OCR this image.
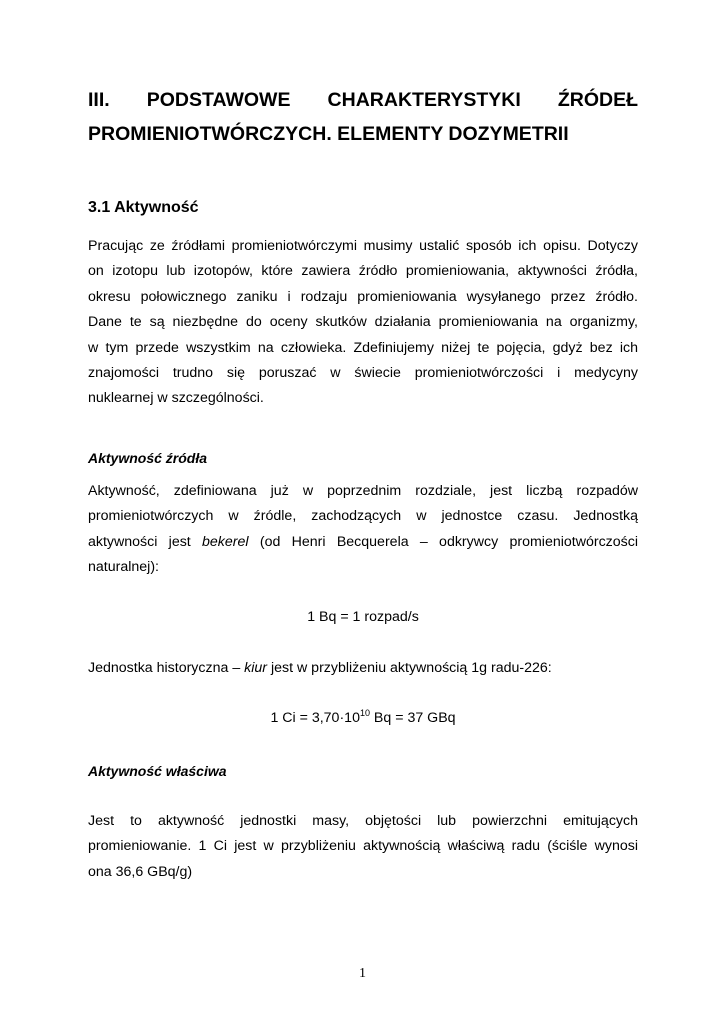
III. PODSTAWOWE CHARAKTERYSTYKI ŹRÓDEŁ
PROMIENIOTWÓRCZYCH. ELEMENTY DOZYMETRII
3.1 Aktywność
Pracując ze źródłami promieniotwórczymi musimy ustalić sposób ich opisu. Dotyczy
on izotopu lub izotopów, które zawiera źródło promieniowania, aktywności źródła,
okresu połowicznego zaniku i rodzaju promieniowania wysyłanego przez źródło.
Dane te są niezbędne do oceny skutków działania promieniowania na organizmy,
w tym przede wszystkim na człowieka. Zdefiniujemy niżej te pojęcia, gdyż bez ich
znajomości trudno się poruszać w świecie promieniotwórczości i medycyny
nuklearnej w szczególności.
Aktywność źródła
Aktywność, zdefiniowana już w poprzednim rozdziale, jest liczbą rozpadów
promieniotwórczych w źródle, zachodzących w jednostce czasu. Jednostką
aktywności jest bekerel (od Henri Becquerela – odkrywcy promieniotwórczości
naturalnej):
1 Bq = 1 rozpad/s
Jednostka historyczna – kiur jest w przybliżeniu aktywnością 1g radu-226:
1 $Ci = 3,70\cdot 10^{10}$ Bq = 37 GBq
Aktywność właściwa
Jest to aktywność jednostki masy, objętości lub powierzchni emitujących
promieniowanie. 1 Ci jest w przybliżeniu aktywnością właściwą radu (ściśle wynosi
ona 36,6 GBq/g)
1
